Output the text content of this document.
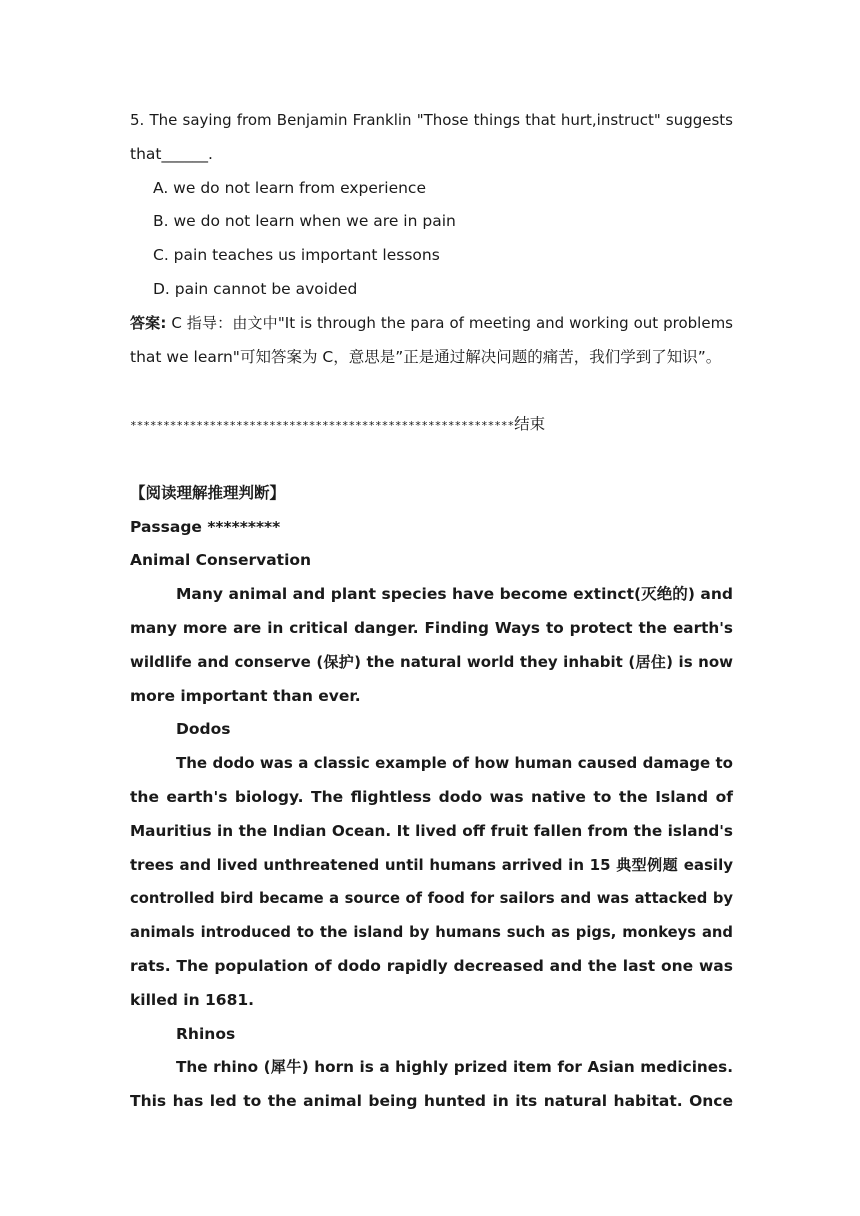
5. The saying from Benjamin Franklin "Those things that hurt,instruct" suggests

that______.

A. we do not learn from experience

B. we do not learn when we are in pain

C. pain teaches us important lessons

D. pain cannot be avoided

答案: C 指导：由文中"It is through the para of meeting and working out problems

that we learn"可知答案为 C，意思是”正是通过解决问题的痛苦，我们学到了知识”。

**********************************************************结束

【阅读理解推理判断】

Passage *********

Animal Conservation

Many animal and plant species have become extinct(灭绝的) and

many more are in critical danger. Finding Ways to protect the earth's

wildlife and conserve (保护) the natural world they inhabit (居住) is now

more important than ever.

Dodos

The dodo was a classic example of how human caused damage to

the earth's biology. The flightless dodo was native to the Island of

Mauritius in the Indian Ocean. It lived off fruit fallen from the island's

trees and lived unthreatened until humans arrived in 15 典型例题 easily

controlled bird became a source of food for sailors and was attacked by

animals introduced to the island by humans such as pigs, monkeys and

rats. The population of dodo rapidly decreased and the last one was

killed in 1681.

Rhinos

The rhino (犀牛) horn is a highly prized item for Asian medicines.

This has led to the animal being hunted in its natural habitat. Once
